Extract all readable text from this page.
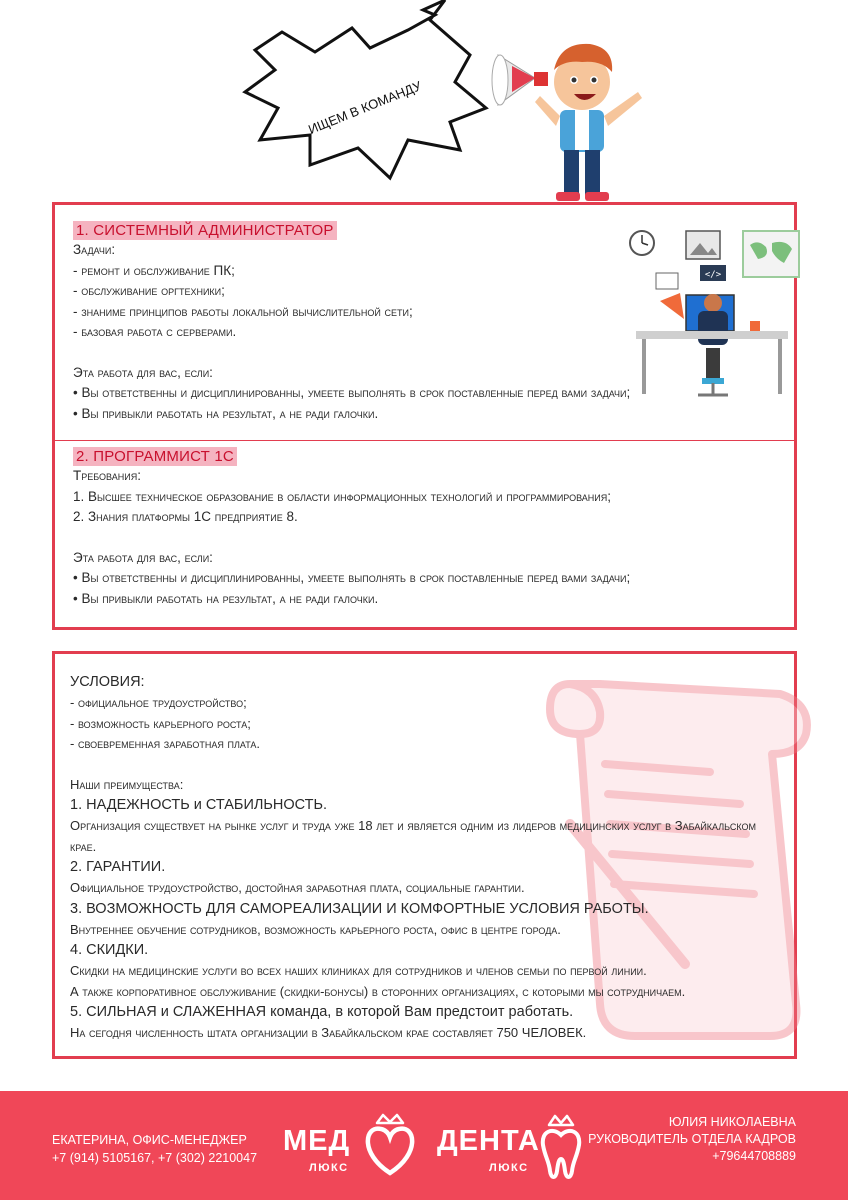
ИЩЕМ В КОМАНДУ
</>
1. СИСТЕМНЫЙ АДМИНИСТРАТОР
Задачи:
- ремонт и обслуживание ПК;
- обслуживание оргтехники;
- знаниме принципов работы локальной вычислительной сети;
- базовая работа с серверами.
Эта работа для вас, если:
• Вы ответственны и дисциплинированны, умеете выполнять в срок поставленные перед вами задачи;
• Вы привыкли работать на результат, а не ради галочки.
2. ПРОГРАММИСТ 1С
Требования:
1. Высшее техническое образование в области информационных технологий и программирования;
2. Знания платформы 1С предприятие 8.
Эта работа для вас, если:
• Вы ответственны и дисциплинированны, умеете выполнять в срок поставленные перед вами задачи;
• Вы привыкли работать на результат, а не ради галочки.
УСЛОВИЯ:
- официальное трудоустройство;
- возможность карьерного роста;
- своевременная заработная плата.
Наши преимущества:
1. НАДЕЖНОСТЬ и СТАБИЛЬНОСТЬ.
Организация существует на рынке услуг и труда уже 18 лет и является одним из лидеров медицинских услуг в Забайкальском крае.
2. ГАРАНТИИ.
Официальное трудоустройство, достойная заработная плата, социальные гарантии.
3. ВОЗМОЖНОСТЬ ДЛЯ САМОРЕАЛИЗАЦИИ И КОМФОРТНЫЕ УСЛОВИЯ РАБОТЫ.
Внутреннее обучение сотрудников, возможность карьерного роста, офис в центре города.
4. СКИДКИ.
Скидки на медицинские услуги во всех наших клиниках для сотрудников и членов семьи по первой линии.
А также корпоративное обслуживание (скидки-бонусы) в сторонних организациях, с которыми мы сотрудничаем.
5. СИЛЬНАЯ и СЛАЖЕННАЯ команда, в которой Вам предстоит работать.
На сегодня численность штата организации в Забайкальском крае составляет 750 ЧЕЛОВЕК.
ЕКАТЕРИНА, ОФИС-МЕНЕДЖЕР
+7 (914) 5105167, +7 (302) 2210047
МЕД
ЛЮКС
ДЕНТА
ЛЮКС
ЮЛИЯ НИКОЛАЕВНА
РУКОВОДИТЕЛЬ ОТДЕЛА КАДРОВ
+79644708889
